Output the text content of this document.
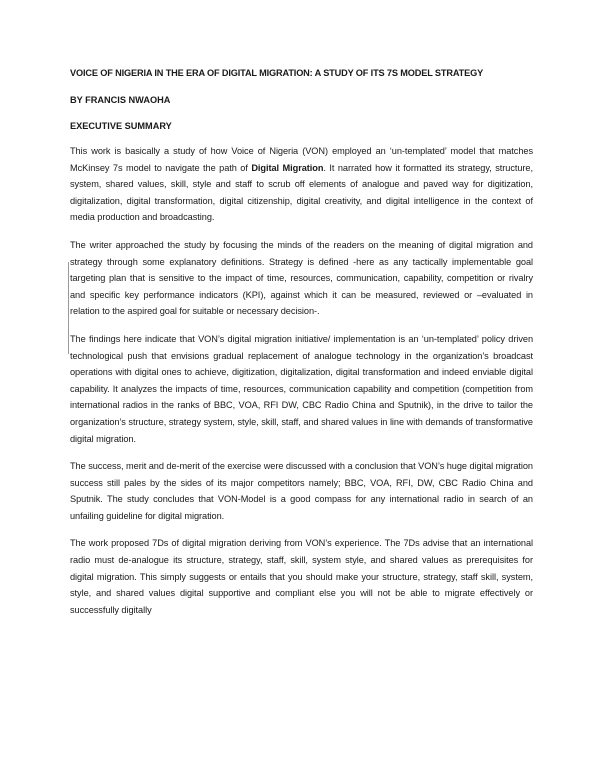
VOICE OF NIGERIA IN THE ERA OF DIGITAL MIGRATION: A STUDY OF ITS 7S MODEL STRATEGY
BY FRANCIS NWAOHA
EXECUTIVE SUMMARY

This work is basically a study of how Voice of Nigeria (VON) employed an ‘un-templated’ model that matches McKinsey 7s model to navigate the path of Digital Migration. It narrated how it formatted its strategy, structure, system, shared values, skill, style and staff to scrub off elements of analogue and paved way for digitization, digitalization, digital transformation, digital citizenship, digital creativity, and digital intelligence in the context of media production and broadcasting.

The writer approached the study by focusing the minds of the readers on the meaning of digital migration and strategy through some explanatory definitions. Strategy is defined -here as any tactically implementable goal targeting plan that is sensitive to the impact of time, resources, communication, capability, competition or rivalry and specific key performance indicators (KPI), against which it can be measured, reviewed or –evaluated in relation to the aspired goal for suitable or necessary decision-.

The findings here indicate that VON’s digital migration initiative/ implementation is an ‘un-templated’ policy driven technological push that envisions gradual replacement of analogue technology in the organization’s broadcast operations with digital ones to achieve, digitization, digitalization, digital transformation and indeed enviable digital capability. It analyzes the impacts of time, resources, communication capability and competition (competition from international radios in the ranks of BBC, VOA, RFI DW, CBC Radio China and Sputnik), in the drive to tailor the organization’s structure, strategy system, style, skill, staff, and shared values in line with demands of transformative digital migration.

The success, merit and de-merit of the exercise were discussed with a conclusion that VON’s huge digital migration success still pales by the sides of its major competitors namely; BBC, VOA, RFI, DW, CBC Radio China and Sputnik. The study concludes that VON-Model is a good compass for any international radio in search of an unfailing guideline for digital migration.

The work proposed 7Ds of digital migration deriving from VON’s experience. The 7Ds advise that an international radio must de-analogue its structure, strategy, staff, skill, system style, and shared values as prerequisites for digital migration. This simply suggests or entails that you should make your structure, strategy, staff skill, system, style, and shared values digital supportive and compliant else you will not be able to migrate effectively or successfully digitally
